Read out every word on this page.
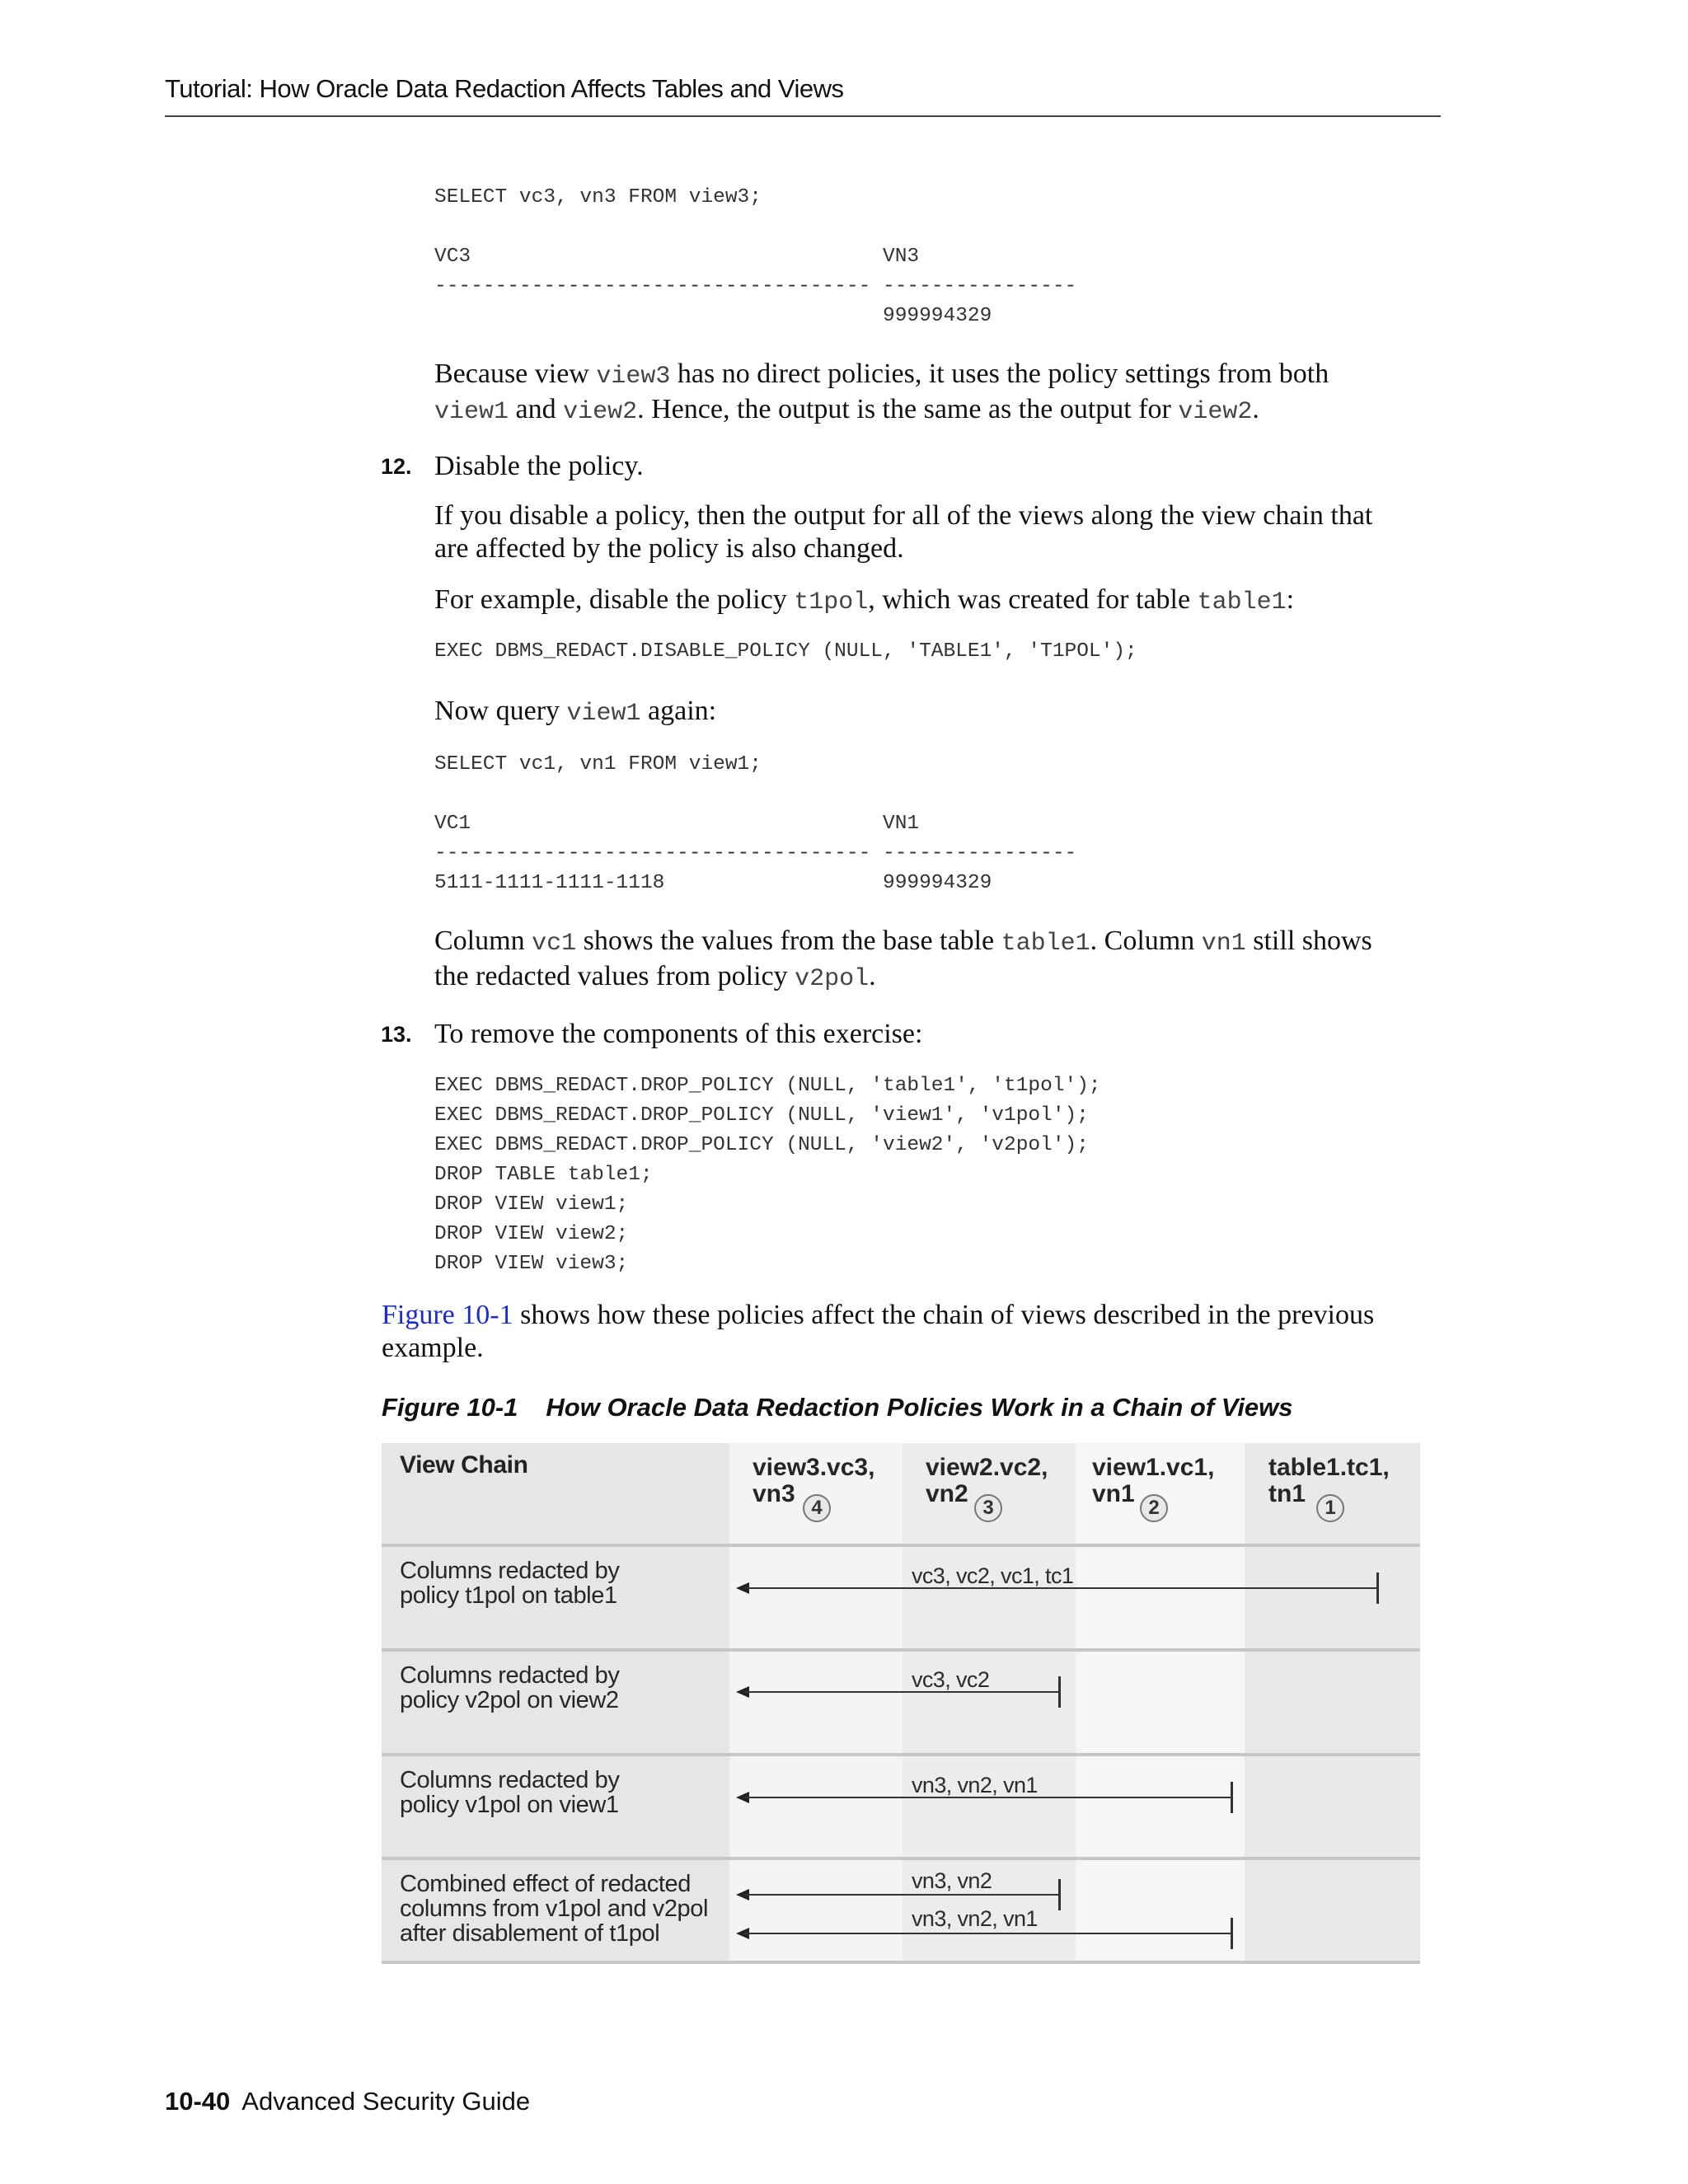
Tutorial: How Oracle Data Redaction Affects Tables and Views
SELECT vc3, vn3 FROM view3;

VC3                                  VN3
------------------------------------ ----------------
999994329

Because view view3 has no direct policies, it uses the policy settings from both view1 and view2. Hence, the output is the same as the output for view2.

12. Disable the policy.

If you disable a policy, then the output for all of the views along the view chain that are affected by the policy is also changed.

For example, disable the policy t1pol, which was created for table table1:

EXEC DBMS_REDACT.DISABLE_POLICY (NULL, 'TABLE1', 'T1POL');

Now query view1 again:

SELECT vc1, vn1 FROM view1;

VC1                                  VN1
------------------------------------ ----------------
5111-1111-1111-1118                  999994329

Column vc1 shows the values from the base table table1. Column vn1 still shows the redacted values from policy v2pol.

13. To remove the components of this exercise:

EXEC DBMS_REDACT.DROP_POLICY (NULL, 'table1', 't1pol');
EXEC DBMS_REDACT.DROP_POLICY (NULL, 'view1', 'v1pol');
EXEC DBMS_REDACT.DROP_POLICY (NULL, 'view2', 'v2pol');
DROP TABLE table1;
DROP VIEW view1;
DROP VIEW view2;
DROP VIEW view3;

Figure 10-1 shows how these policies affect the chain of views described in the previous example.

Figure 10-1 How Oracle Data Redaction Policies Work in a Chain of Views
View Chain	view3.vc3,
vn3
4
view2.vc2,
vn2
3
view1.vc1,
vn1
2
table1.tc1,
tn1
1
Columns redacted by
policy t1pol on table1
vc3, vc2, vc1, tc1
Columns redacted by
policy v2pol on view2
vc3, vc2
Columns redacted by
policy v1pol on view1
vn3, vn2, vn1
Combined effect of redacted
columns from v1pol and v2pol
after disablement of t1pol
vn3, vn2
vn3, vn2, vn1
10-40 Advanced Security Guide
